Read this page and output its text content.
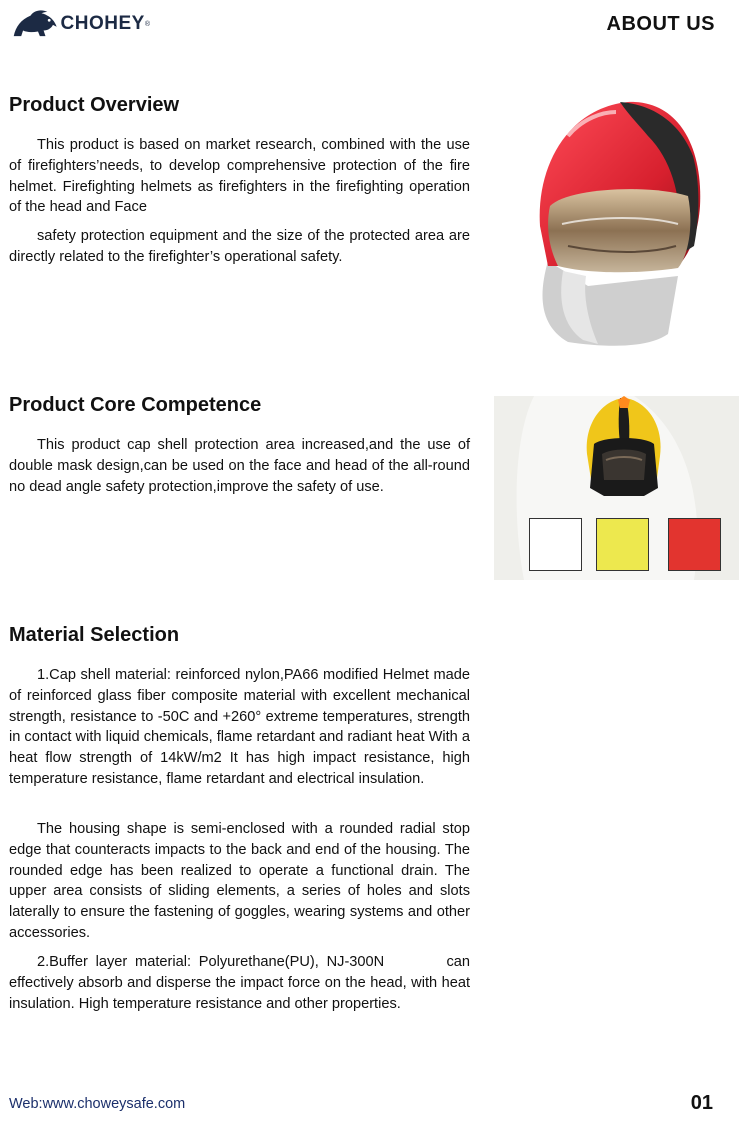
CHOHEY ®	ABOUT US
Product Overview

This product is based on market research, combined with the use of firefighters’needs, to develop comprehensive protection of the fire helmet. Firefighting helmets as firefighters in the firefighting operation of the head and Face

safety protection equipment and the size of the protected area are directly related to the firefighter’s operational safety.

Product Core Competence

This product cap shell protection area increased,and the use of double mask design,can be used on the face and head of the all-round no dead angle safety protection,improve the safety of use.

Material Selection

1.Cap shell material: reinforced nylon,PA66 modified Helmet made of reinforced glass fiber composite material with excellent mechanical strength, resistance to -50C and +260° extreme temperatures, strength in contact with liquid chemicals, flame retardant and radiant heat With a heat flow strength of 14kW/m2 It has high impact resistance, high temperature resistance, flame retardant and electrical insulation.

The housing shape is semi-enclosed with a rounded radial stop edge that counteracts impacts to the back and end of the housing. The rounded edge has been realized to operate a functional drain. The upper area consists of sliding elements, a series of holes and slots laterally to ensure the fastening of goggles, wearing systems and other accessories.

2.Buffer layer material: Polyurethane(PU), NJ-300N        can effectively absorb and disperse the impact force on the head, with heat insulation. High temperature resistance and other properties.

Web:www.choweysafe.com	01
